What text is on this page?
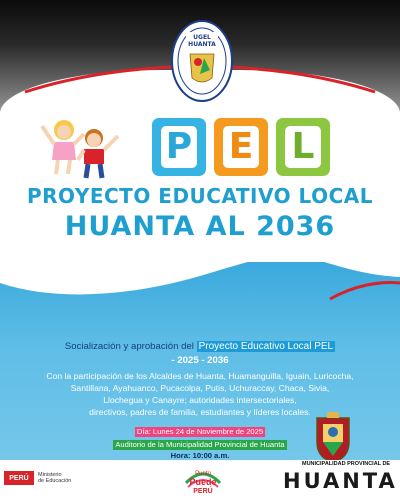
UGEL
HUANTA
P E L
PROYECTO EDUCATIVO LOCAL
HUANTA AL 2036
Socialización y aprobación del Proyecto Educativo Local PEL
- 2025 - 2036
Con la participación de los Alcaldes de Huanta, Huamanguilla, Iguain, Luricocha,
Santillana, Ayahuanco, Pucacolpa, Putis, Uchuraccay, Chaca, Sivia,
Llochegua y Canayre; autoridades intersectoriales,
directivos, padres de familia, estudiantes y líderes locales.
Día: Lunes 24 de Noviembre de 2025
Auditorio de la Municipalidad Provincial de Huanta
Hora: 10:00 a.m.
PERÚ	Ministerio
de Educación
Punto
Puede
PERÚ
MUNICIPALIDAD PROVINCIAL DE
HUANTA
